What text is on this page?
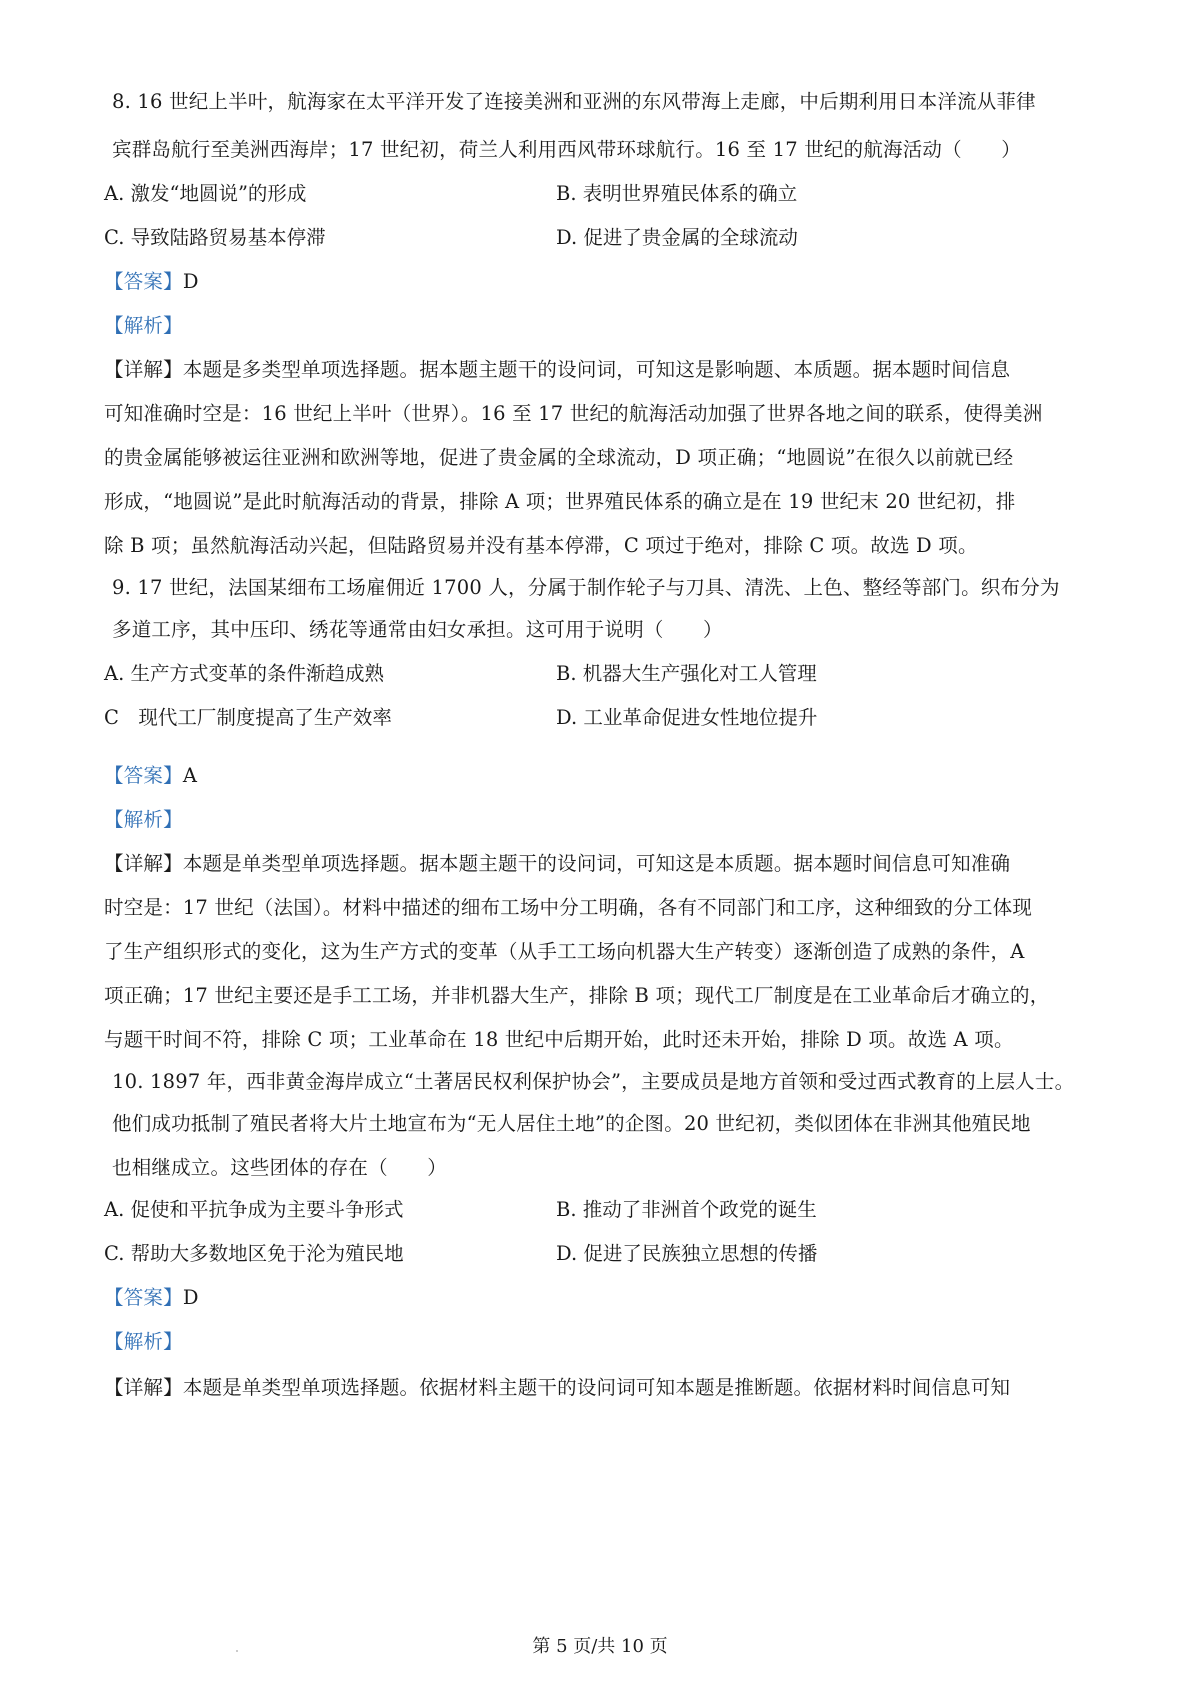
8. 16 世纪上半叶，航海家在太平洋开发了连接美洲和亚洲的东风带海上走廊，中后期利用日本洋流从菲律
宾群岛航行至美洲西海岸；17 世纪初，荷兰人利用西风带环球航行。16 至 17 世纪的航海活动（　　）
A. 激发“地圆说”的形成	B. 表明世界殖民体系的确立
C. 导致陆路贸易基本停滞	D. 促进了贵金属的全球流动
【答案】D
【解析】
【详解】本题是多类型单项选择题。据本题主题干的设问词，可知这是影响题、本质题。据本题时间信息
可知准确时空是：16 世纪上半叶（世界）。16 至 17 世纪的航海活动加强了世界各地之间的联系，使得美洲
的贵金属能够被运往亚洲和欧洲等地，促进了贵金属的全球流动，D 项正确；“地圆说”在很久以前就已经
形成，“地圆说”是此时航海活动的背景，排除 A 项；世界殖民体系的确立是在 19 世纪末 20 世纪初，排
除 B 项；虽然航海活动兴起，但陆路贸易并没有基本停滞，C 项过于绝对，排除 C 项。故选 D 项。
9. 17 世纪，法国某细布工场雇佣近 1700 人，分属于制作轮子与刀具、清洗、上色、整经等部门。织布分为
多道工序，其中压印、绣花等通常由妇女承担。这可用于说明（　　）
A. 生产方式变革的条件渐趋成熟	B. 机器大生产强化对工人管理
C　现代工厂制度提高了生产效率	D. 工业革命促进女性地位提升
【答案】A
【解析】
【详解】本题是单类型单项选择题。据本题主题干的设问词，可知这是本质题。据本题时间信息可知准确
时空是：17 世纪（法国）。材料中描述的细布工场中分工明确，各有不同部门和工序，这种细致的分工体现
了生产组织形式的变化，这为生产方式的变革（从手工工场向机器大生产转变）逐渐创造了成熟的条件，A
项正确；17 世纪主要还是手工工场，并非机器大生产，排除 B 项；现代工厂制度是在工业革命后才确立的，
与题干时间不符，排除 C 项；工业革命在 18 世纪中后期开始，此时还未开始，排除 D 项。故选 A 项。
10. 1897 年，西非黄金海岸成立“土著居民权利保护协会”，主要成员是地方首领和受过西式教育的上层人士。
他们成功抵制了殖民者将大片土地宣布为“无人居住土地”的企图。20 世纪初，类似团体在非洲其他殖民地
也相继成立。这些团体的存在（　　）
A. 促使和平抗争成为主要斗争形式	B. 推动了非洲首个政党的诞生
C. 帮助大多数地区免于沦为殖民地	D. 促进了民族独立思想的传播
【答案】D
【解析】
【详解】本题是单类型单项选择题。依据材料主题干的设问词可知本题是推断题。依据材料时间信息可知
第 5 页/共 10 页
